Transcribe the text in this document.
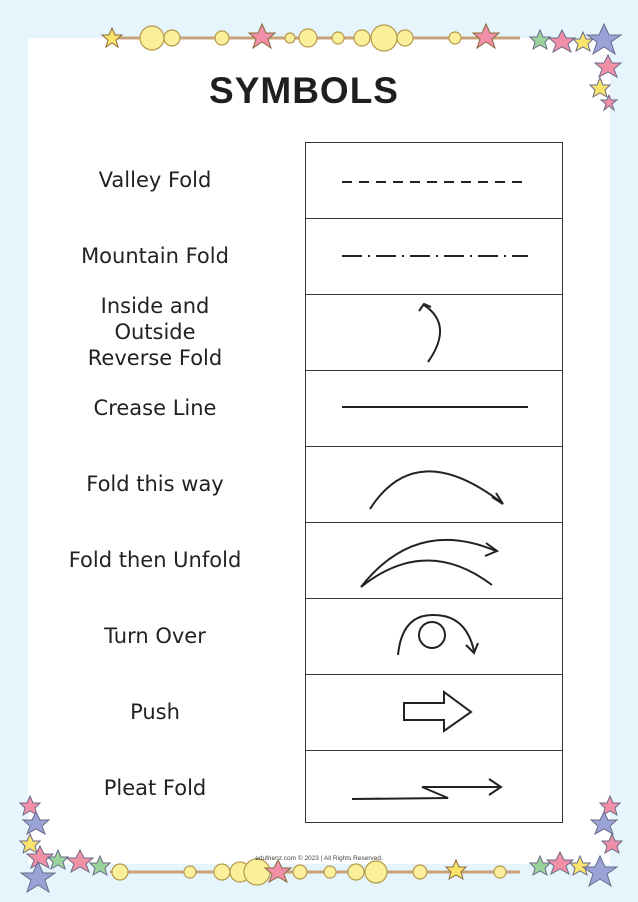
SYMBOLS
Valley Fold
Mountain Fold
Inside and Outside
Reverse Fold
Crease Line
Fold this way
Fold then Unfold
Turn Over
Push
Pleat Fold
edufrienz.com © 2023 | All Rights Reserved.
